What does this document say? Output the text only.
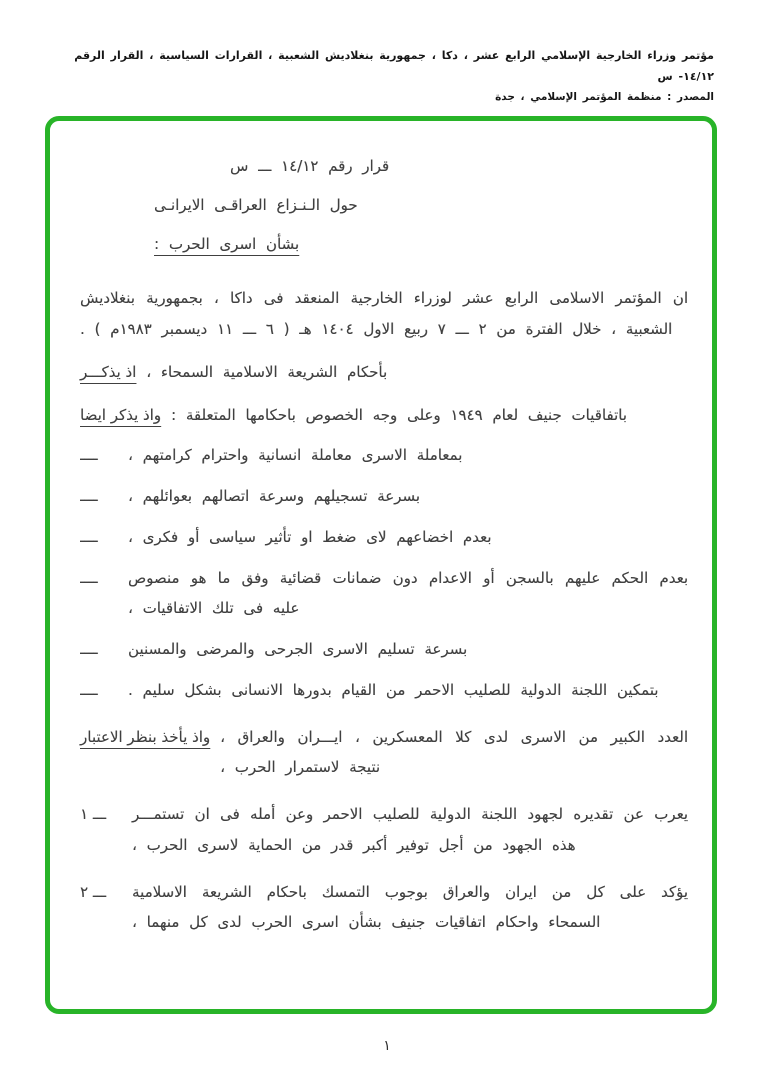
مؤتمر وزراء الخارجية الإسلامي الرابع عشر ، دكا ، جمهورية بنغلاديش الشعبية ، القرارات السياسية ، القرار الرقم ١٤/١٢- س
المصدر : منظمة المؤتمر الإسلامي ، جدة
قرار رقم ١٤/١٢ ـــ س
حول الـنـزاع العراقـى الايرانـى
بشأن اسرى الحرب :

ان المؤتمر الاسلامى الرابع عشر لوزراء الخارجية المنعقد فى داكا ، بجمهورية بنغلاديش الشعبية ، خلال الفترة من ٢ ـــ ٧ ربيع الاول ١٤٠٤ هـ ( ٦ ـــ ١١ ديسمبر ١٩٨٣م ) .

اذ يذكـــر بأحكام الشريعة الاسلامية السمحاء ،
واذ يذكر ايضا باتفاقيات جنيف لعام ١٩٤٩ وعلى وجه الخصوص باحكامها المتعلقة :
ــــ	بمعاملة الاسرى معاملة انسانية واحترام كرامتهم ،
ــــ	بسرعة تسجيلهم وسرعة اتصالهم بعوائلهم ،
ــــ	بعدم اخضاعهم لاى ضغط او تأثير سياسى أو فكرى ،
ــــ	بعدم الحكم عليهم بالسجن أو الاعدام دون ضمانات قضائية وفق ما هو منصوص عليه فى تلك الاتفاقيات ،
ــــ	بسرعة تسليم الاسرى الجرحى والمرضى والمسنين
ــــ	بتمكين اللجنة الدولية للصليب الاحمر من القيام بدورها الانسانى بشكل سليم .
واذ يأخذ بنظر الاعتبار العدد الكبير من الاسرى لدى كلا المعسكرين ، ايـــران والعراق ، نتيجة لاستمرار الحرب ،
١ ـــ	يعرب عن تقديره لجهود اللجنة الدولية للصليب الاحمر وعن أمله فى ان تستمـــر هذه الجهود من أجل توفير أكبر قدر من الحماية لاسرى الحرب ،
٢ ـــ	يؤكد على كل من ايران والعراق بوجوب التمسك باحكام الشريعة الاسلامية السمحاء واحكام اتفاقيات جنيف بشأن اسرى الحرب لدى كل منهما ،
١
